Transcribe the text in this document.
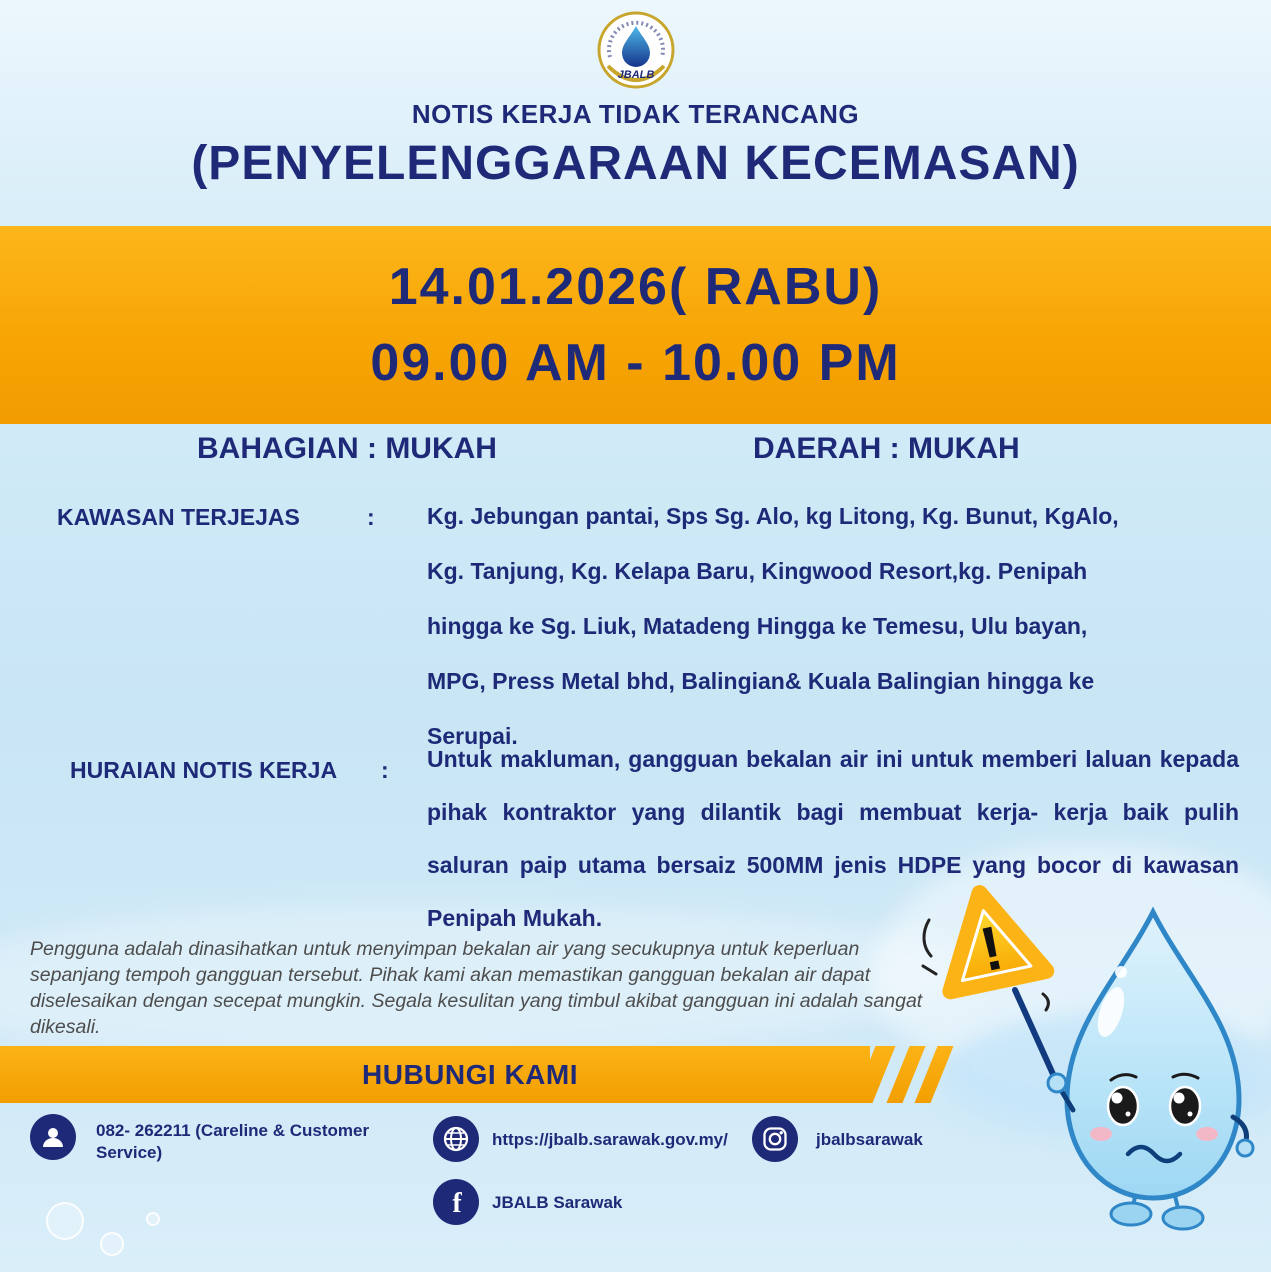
JBALB
NOTIS KERJA TIDAK TERANCANG
(PENYELENGGARAAN KECEMASAN)
14.01.2026( RABU)
09.00 AM - 10.00 PM
BAHAGIAN : MUKAH	DAERAH : MUKAH
KAWASAN TERJEJAS	: Kg. Jebungan pantai, Sps Sg. Alo, kg Litong, Kg. Bunut, KgAlo, Kg. Tanjung, Kg. Kelapa Baru, Kingwood Resort,kg. Penipah hingga ke Sg. Liuk, Matadeng Hingga ke Temesu, Ulu bayan, MPG, Press Metal bhd, Balingian& Kuala Balingian hingga ke Serupai.
HURAIAN NOTIS KERJA : Untuk makluman, gangguan bekalan air ini untuk memberi laluan kepada pihak kontraktor yang dilantik bagi membuat kerja- kerja baik pulih saluran paip utama bersaiz 500MM jenis HDPE yang bocor di kawasan Penipah Mukah.
Pengguna adalah dinasihatkan untuk menyimpan bekalan air yang secukupnya untuk keperluan sepanjang tempoh gangguan tersebut. Pihak kami akan memastikan gangguan bekalan air dapat diselesaikan dengan secepat mungkin. Segala kesulitan yang timbul akibat gangguan ini adalah sangat dikesali.
HUBUNGI KAMI
082- 262211 (Careline & Customer Service)
https://jbalb.sarawak.gov.my/	jbalbsarawak
f JBALB Sarawak
!
